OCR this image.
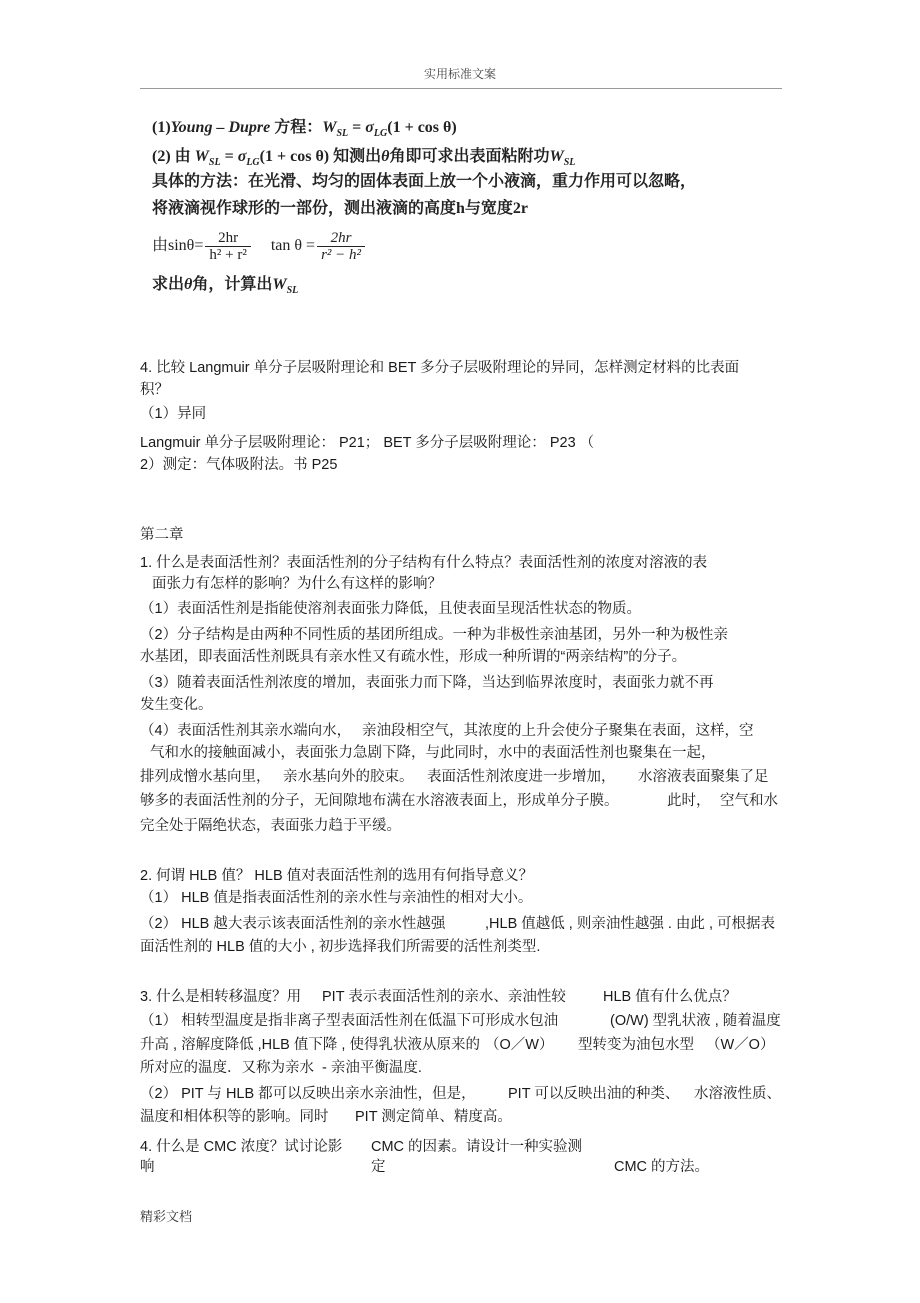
实用标准文案
(1)Young – Dupre 方程：$W_{SL} = \sigma_{LG}(1 + \cos \theta)$
(2) 由 $W_{SL} = \sigma_{LG}(1 + \cos \theta)$ 知测出θ角即可求出表面粘附功$W_{SL}$
具体的方法：在光滑、均匀的固体表面上放一个小液滴，重力作用可以忽略，
将液滴视作球形的一部份，测出液滴的高度h与宽度2r
由$\sin\theta= \frac{2hr}{\text{h² + r²}}$ $\tan \theta = \frac{2hr}{\text{r² − h²}}$
求出θ角，计算出$W_{SL}$
4. 比较 Langmuir 单分子层吸附理论和 BET 多分子层吸附理论的异同，怎样测定材料的比表面
积？
（1）异同
Langmuir 单分子层吸附理论： P21； BET 多分子层吸附理论： P23 （
2）测定：气体吸附法。书 P25
第二章
1. 什么是表面活性剂？表面活性剂的分子结构有什么特点？表面活性剂的浓度对溶液的表
面张力有怎样的影响？为什么有这样的影响？
（1）表面活性剂是指能使溶剂表面张力降低，且使表面呈现活性状态的物质。
（2）分子结构是由两种不同性质的基团所组成。一种为非极性亲油基团，另外一种为极性亲
水基团，即表面活性剂既具有亲水性又有疏水性，形成一种所谓的“两亲结构”的分子。
（3）随着表面活性剂浓度的增加，表面张力而下降，当达到临界浓度时，表面张力就不再
发生变化。
（4）表面活性剂其亲水端向水， 亲油段相空气，其浓度的上升会使分子聚集在表面，这样，空
气和水的接触面减小，表面张力急剧下降，与此同时，水中的表面活性剂也聚集在一起，
排列成憎水基向里， 亲水基向外的胶束。 表面活性剂浓度进一步增加， 水溶液表面聚集了足
够多的表面活性剂的分子，无间隙地布满在水溶液表面上，形成单分子膜。	此时， 空气和水
完全处于隔绝状态，表面张力趋于平缓。
2. 何谓 HLB 值？ HLB 值对表面活性剂的选用有何指导意义？
（1） HLB 值是指表面活性剂的亲水性与亲油性的相对大小。
（2） HLB 越大表示该表面活性剂的亲水性越强	,HLB 值越低 , 则亲油性越强 . 由此 , 可根据表
面活性剂的 HLB 值的大小 , 初步选择我们所需要的活性剂类型.
3. 什么是相转移温度？用 PIT 表示表面活性剂的亲水、亲油性较	HLB 值有什么优点？
（1） 相转型温度是指非离子型表面活性剂在低温下可形成水包油	(O/W) 型乳状液 , 随着温度
升高 , 溶解度降低 ,HLB 值下降 , 使得乳状液从原来的 （O／W） 型转变为油包水型 （W／O）
所对应的温度．又称为亲水 - 亲油平衡温度.
（2） PIT 与 HLB 都可以反映出亲水亲油性，但是， PIT 可以反映出油的种类、 水溶液性质、
温度和相体积等的影响。同时 PIT 测定简单、精度高。
4. 什么是 CMC 浓度？试讨论影 CMC 的因素。请设计一种实验测
响	定	CMC 的方法。
精彩文档
